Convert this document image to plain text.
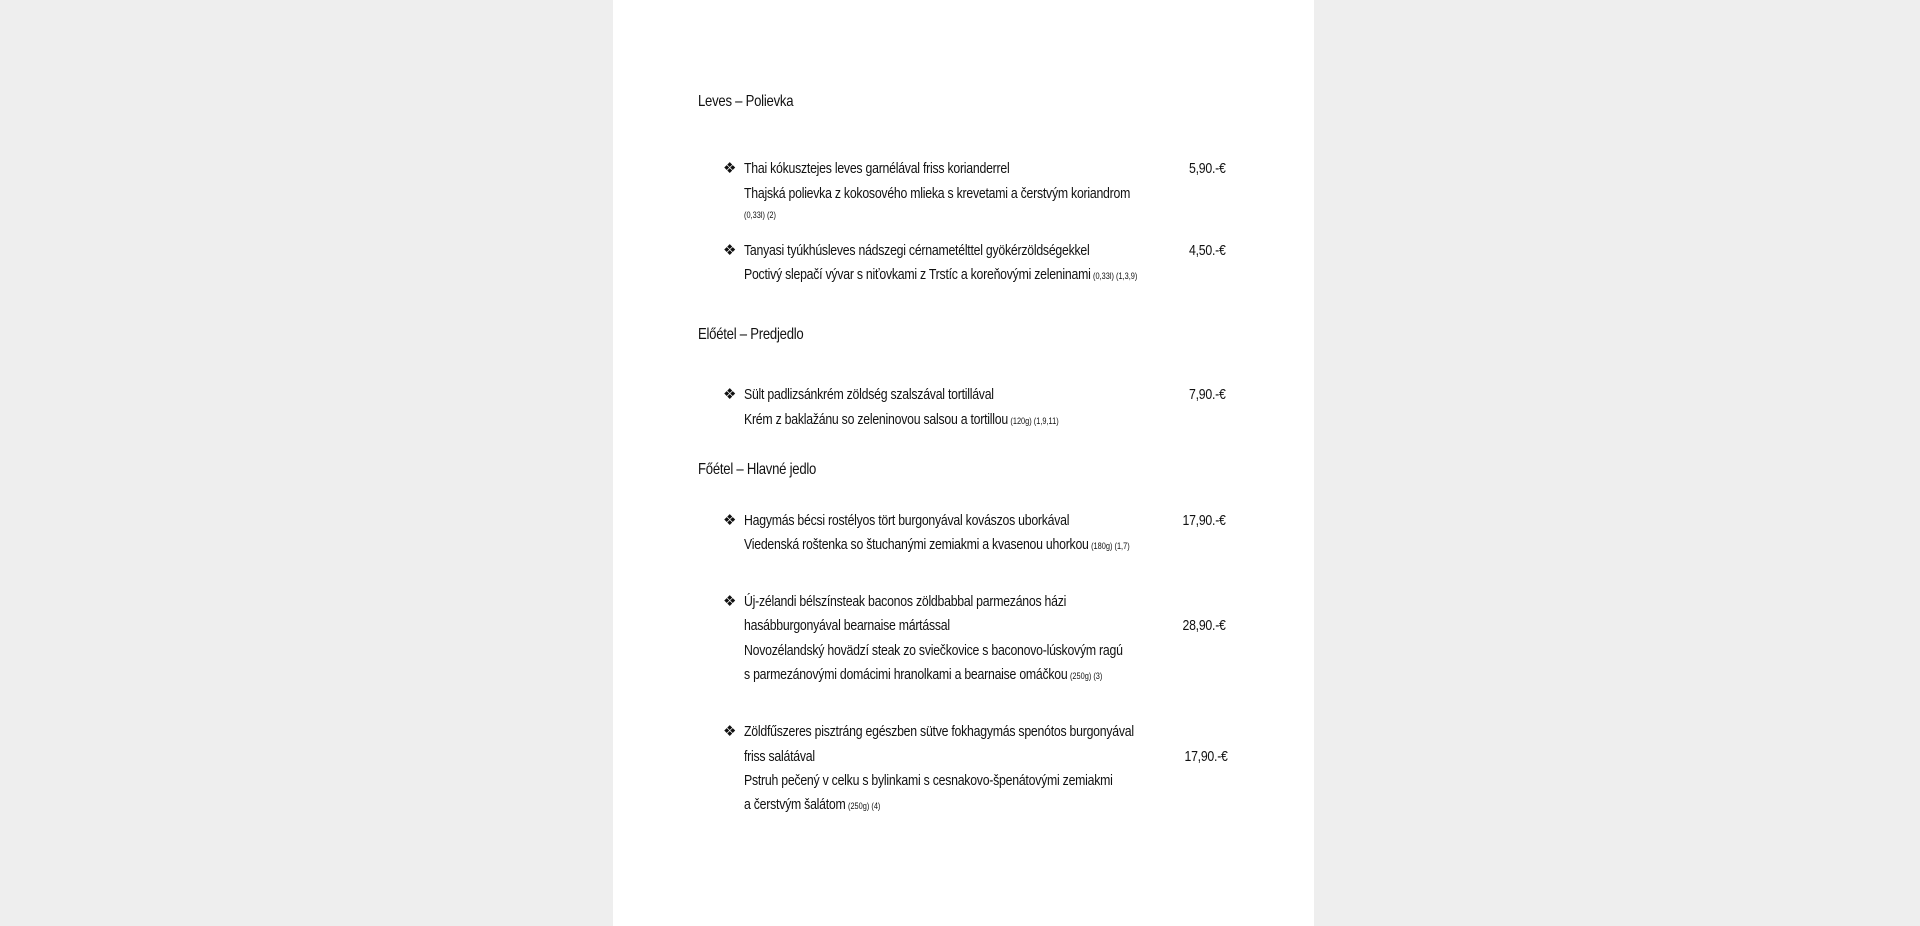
Leves – Polievka

❖ Thai kókusztejes leves garnélával friss korianderrel	5,90.-€

Thajská polievka z kokosového mlieka s krevetami a čerstvým koriandrom

(0,33l) (2)

❖ Tanyasi tyúkhúsleves nádszegi cérnametélttel gyökérzöldségekkel	4,50.-€

Poctivý slepačí vývar s niťovkami z Trstíc a koreňovými zeleninami (0,33l) (1,3,9)

Előétel – Predjedlo

❖ Sült padlizsánkrém zöldség szalszával tortillával	7,90.-€

Krém z baklažánu so zeleninovou salsou a tortillou (120g) (1,9,11)

Főétel – Hlavné jedlo

❖ Hagymás bécsi rostélyos tört burgonyával kovászos uborkával	17,90.-€

Viedenská roštenka so štuchanými zemiakmi a kvasenou uhorkou (180g) (1,7)

❖ Új-zélandi bélszínsteak baconos zöldbabbal parmezános házi

hasábburgonyával bearnaise mártással	28,90.-€

Novozélandský hovädzí steak zo sviečkovice s baconovo-lúskovým ragú

s parmezánovými domácimi hranolkami a bearnaise omáčkou (250g) (3)

❖ Zöldfűszeres pisztráng egészben sütve fokhagymás spenótos burgonyával

friss salátával	17,90.-€

Pstruh pečený v celku s bylinkami s cesnakovo-špenátovými zemiakmi

a čerstvým šalátom (250g) (4)
